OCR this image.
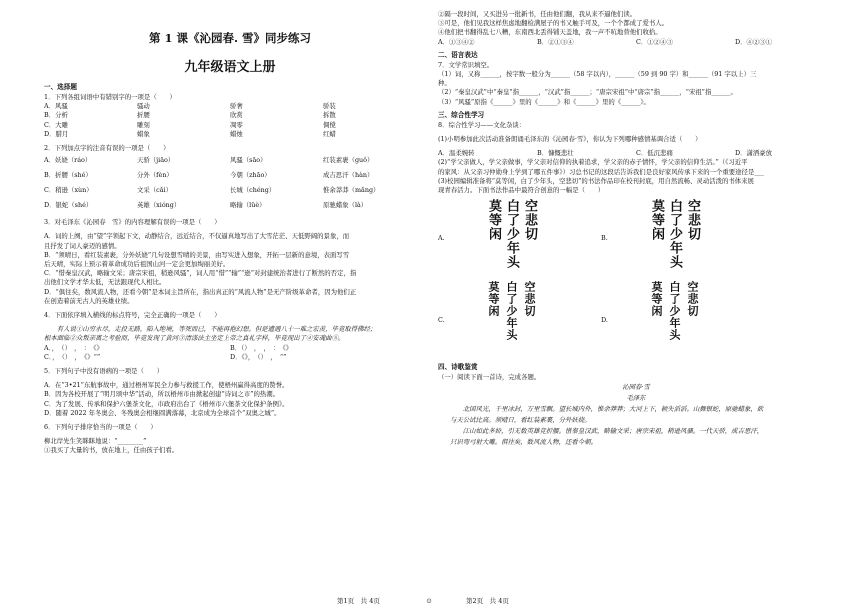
第 1 课《沁园春. 雪》同步练习
九年级语文上册
一、选择题
1．下列各组词语中有错别字的一项是（　　）
A．风骚	骚动	骄奢	骄装
B．分析	折腰	欣赏	拆散
C．大雕	雕刻	凋零	倜傥
D．腊月	蜡象	蜡烛	红蜡
2．下列加点字的注音有误的一项是（　　）
A．妖娆（ráo）	天骄（jiāo）	风骚（sāo）	红装素裹（guǒ）
B．折腰（shé）	分外（fèn）	今朝（zhāo）	成吉思汗（hàn）
C．稍逊（xùn）	文采（cǎi）	长城（chéng）	惟余莽莽（mǎng）
D．银蛇（shé）	英雄（xióng）	略输（lüè）	原驰蜡象（là）
3．对毛泽东《沁园春　雪》的内容理解有误的一项是（　　）
A．词的上阕，由“望”字领起下文，动静结合，远近结合，不仅逼真地写出了大雪茫茫、天低野阔的景象，而
且抒发了词人豪迈的感情。
B．“须晴日，看红装素裹，分外妖娆”几句设想雪晴的美景，由写实进入想象，开拓一层新的意境，表面写雪
后天晴，实际上预示着革命成功后祖国山河一定会更加绚丽美好。
C．“惜秦皇汉武，略输文采；唐宗宋祖，稍逊风骚”，词人用“惜”“输”“逊”对封建统治者进行了断然的否定，指
出他们文学才华太低，无法跟现代人相比。
D．“俱往矣，数风流人物，还看今朝”是本词主旨所在，指出真正的“风流人物”是无产阶级革命者，因为他们正
在创造着前无古人的英雄业绩。
4．下面依序填入横线的标点符号，完全正确的一项是（　　）
　　有人说①山穷水尽，走投无路，陷入绝境，等死而已，不能再抱幻想。但是遭遇八十一难之宏羡，毕竟取得佛经；
根本面临②众叛亲离之考验而，毕竟发现了黄河③清涤法主坐定上帝之真礼字样，毕竟现出了④安魂曲⑤。
A．，　（）　，　：　《》	B．（）　，　，　：　《》
C．，　（）　，　《》“”	D．《》，　（）　，　“”
5．下列句子中没有语病的一项是（　　）
A．在“3•21”东航事故中，通过梧州军民全力参与救援工作，使梧州赢得高度的赞誉。
B．因为各校开展了“明月颂中华”活动，所以梧州市由掀起创建“诗词之市”的热潮。
C．为了发展、传承和保护六堡茶文化，市政府出台了《梧州市六堡茶文化保护条例》。
D．随着 2022 年冬奥会、冬残奥会相继圆满落幕，北京成为全球首个“双奥之城”。
6．下列句子排序恰当的一项是（　　）
柳北岸先生笑眯眯地说：“________”
①我买了大量的书，放在地上，任由孩子们看。
②隔一段时间，又买进另一批新书，任由他们翻，我从来不逼他们读。
③可是，他们见我这样焦虑地翻检满屋子的书又触手可及，一个个都成了爱书人。
④他们把书翻得乱七八糟，东南西北丢得铺天盖地，我一声不吭地替他们收拾。
A．①③④②	B．②①③④	C．①②④③	D．④②③①
二、语言表达
7．文学常识填空。
（1）词，又称______，按字数一般分为______（58 字以内），______（59 到 90 字）和______（91 字以上）三
种。
（2）“秦皇汉武”中“秦皇”指______，“汉武”指______；“唐宗宋祖”中“唐宗”指______，“宋祖”指______。
（3）“风骚”原指《______》里的《______》和《______》里的《______》。
三、综合性学习
8．综合性学习——文化杂谈：
(1)小明参加此次活动准备朗诵毛泽东的《沁园春·雪》，你认为下列哪种感情基调合适（　　）
A．温柔婉转	B．慷慨悲壮	C．低沉悲痛	D．潇洒豪放
(2)“学父亲做人，学父亲做事，学父亲对信仰的执着追求，学父亲的赤子情怀，学父亲的信仰生活。”（《习近平
的家风：从父亲习仲勋身上学到了哪五件事》）习总书记的这段话告诉我们是良好家风传承下来的一个重要途径是___
(3)校园编辑准备将“莫等闲，白了少年头，空悲切”的书法作品印在校刊封底，用自然流畅、灵动活泼的书体来展
现青春活力。下面书法作品中最符合创意的一幅是（　　）
A.	莫等闲 白了少年头 空悲切	B.	莫等闲 白了少年头 空悲切
C.
莫等闲 白了少年头 空悲切
D.
莫等闲 白了少年头 空悲切
四、诗歌鉴赏
（一）阅读下面一首诗，完成各题。
沁园春·雪
毛泽东
　　北国风光，千里冰封，万里雪飘。望长城内外，惟余莽莽；大河上下，顿失滔滔。山舞银蛇，原驰蜡象，欲
与天公试比高。须晴日，看红装素裹，分外妖娆。
　　江山如此多娇，引无数英雄竞折腰。惜秦皇汉武，略输文采；唐宗宋祖，稍逊风骚。一代天骄，成吉思汗，
只识弯弓射大雕。俱往矣，数风流人物，还看今朝。
第1页　共 4页	⊙	第2页　共 4页
